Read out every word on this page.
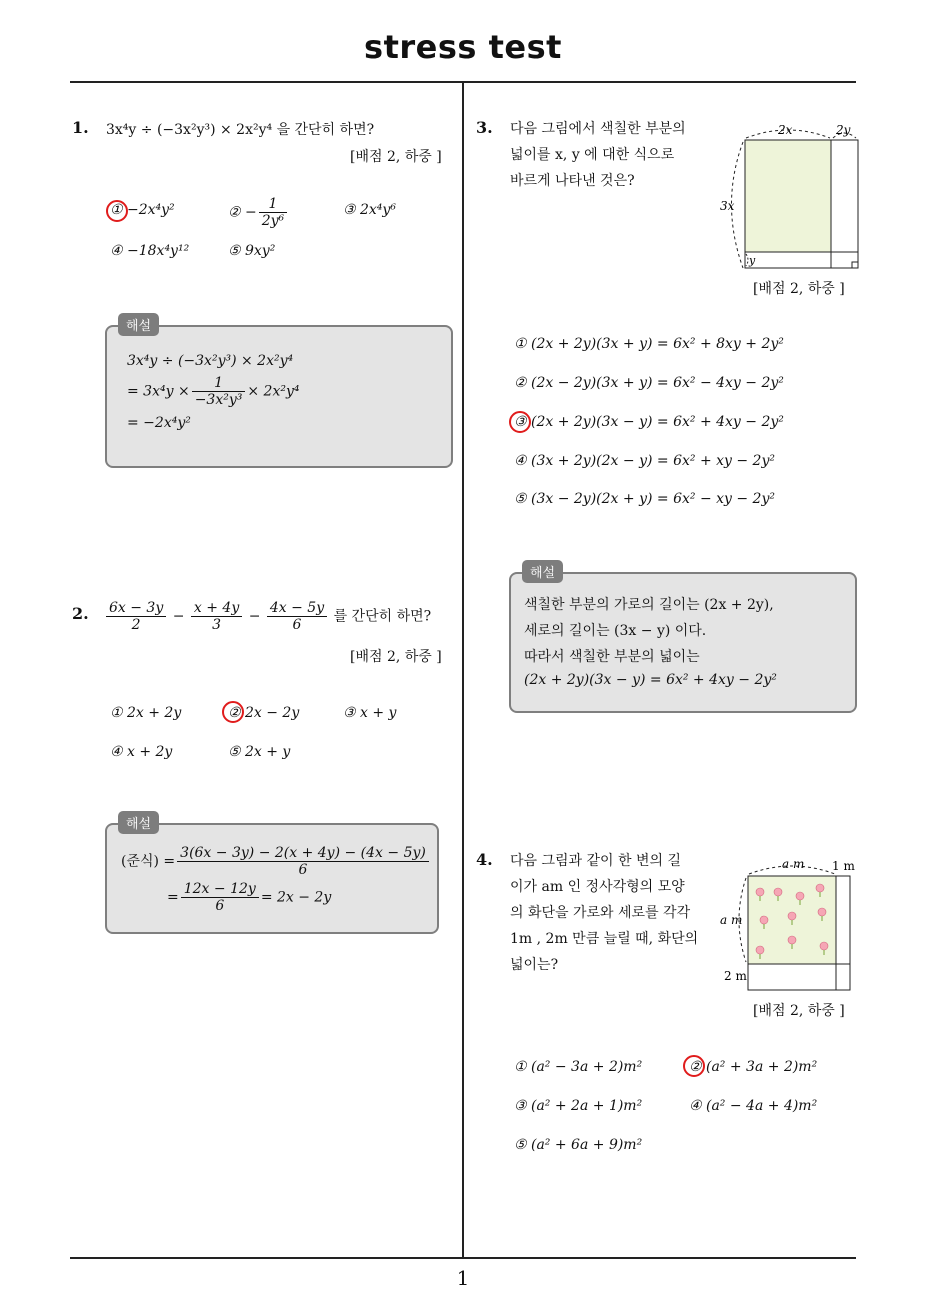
stress test
1
1. 3x⁴y ÷ (−3x²y³) × 2x²y⁴ 을 간단히 하면?
[배점 2, 하중 ]
① −2x⁴y²	② − $\frac{1}{\text{2y⁶}}$	③ 2x⁴y⁶
④ −18x⁴y¹²	⑤ 9xy²
3x⁴y ÷ (−3x²y³) × 2x²y⁴
= $3x^4y \times \frac{1}{\text{−3x²y³}} \times 2x^2y^4$
= −2x⁴y²
해설
2. $\frac{6x - 3y}{2} - \frac{x + 4y}{3} - \frac{4x - 5y}{6}$ 를 간단히 하면?
[배점 2, 하중 ]
① 2x + 2y	② 2x − 2y	③ x + y
④ x + 2y	⑤ 2x + y
(준식) = $\frac{3(6x - 3y) - 2(x + 4y) - (4x - 5y)}{6}$
= $\frac{12x - 12y}{6} = 2x - 2y$
해설
3. 다음 그림에서 색칠한 부분의
넓이를 x, y 에 대한 식으로
바르게 나타낸 것은?
2x	2y
3x
y
[배점 2, 하중 ]
① (2x + 2y)(3x + y) = 6x² + 8xy + 2y²
② (2x − 2y)(3x + y) = 6x² − 4xy − 2y²
③ (2x + 2y)(3x − y) = 6x² + 4xy − 2y²
④ (3x + 2y)(2x − y) = 6x² + xy − 2y²
⑤ (3x − 2y)(2x + y) = 6x² − xy − 2y²
색칠한 부분의 가로의 길이는 (2x + 2y),
세로의 길이는 (3x − y) 이다.
따라서 색칠한 부분의 넓이는
(2x + 2y)(3x − y) = 6x² + 4xy − 2y²
해설
4. 다음 그림과 같이 한 변의 길
이가 am 인 정사각형의 모양
의 화단을 가로와 세로를 각각
1m , 2m 만큼 늘릴 때, 화단의
넓이는?
a m 1 m
a m
2 m
[배점 2, 하중 ]
① (a² − 3a + 2)m²	② (a² + 3a + 2)m²
③ (a² + 2a + 1)m²	④ (a² − 4a + 4)m²
⑤ (a² + 6a + 9)m²
